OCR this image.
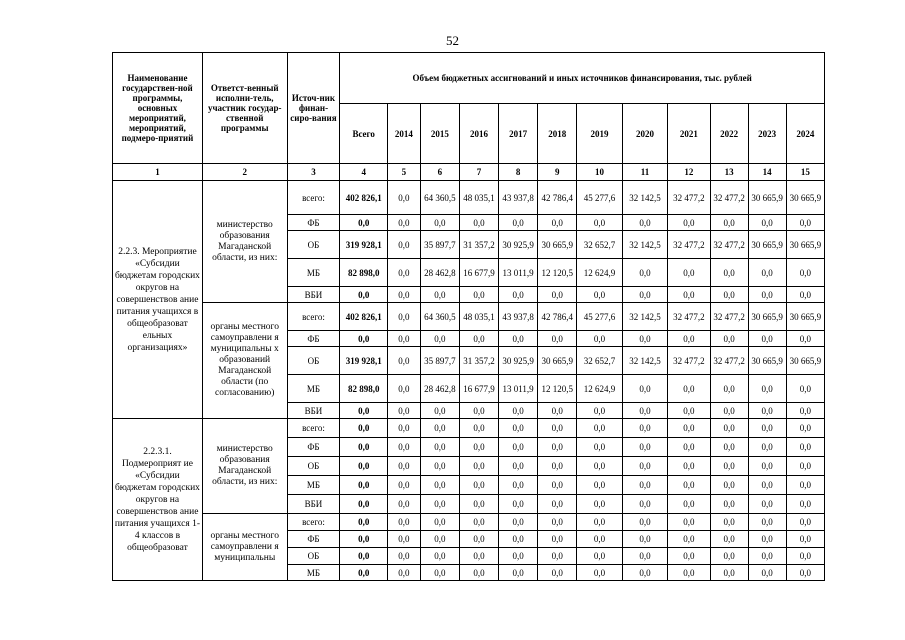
52
Наименование государствен-ной программы, основных мероприятий, мероприятий, подмеро-приятий	Ответст-венный исполни-тель, участник государ-ственной программы	Источ-ник финан-сиро-вания	Объем бюджетных ассигнований и иных источников финансирования, тыс. рублей											
			Всего	2014	2015	2016	2017	2018	2019	2020	2021	2022	2023	2024
1	2	3	4	5	6	7	8	9	10	11	12	13	14	15
2.2.3. Мероприятие «Субсидии бюджетам городских округов на совершенствов ание питания учащихся в общеобразоват ельных организациях»	министерство образования Магаданской области, из них:	всего:	402 826,1	0,0	64 360,5	48 035,1	43 937,8	42 786,4	45 277,6	32 142,5	32 477,2	32 477,2	30 665,9	30 665,9
		ФБ	0,0	0,0	0,0	0,0	0,0	0,0	0,0	0,0	0,0	0,0	0,0	0,0
		ОБ	319 928,1	0,0	35 897,7	31 357,2	30 925,9	30 665,9	32 652,7	32 142,5	32 477,2	32 477,2	30 665,9	30 665,9
		МБ	82 898,0	0,0	28 462,8	16 677,9	13 011,9	12 120,5	12 624,9	0,0	0,0	0,0	0,0	0,0
		ВБИ	0,0	0,0	0,0	0,0	0,0	0,0	0,0	0,0	0,0	0,0	0,0	0,0
	органы местного самоуправлени я муниципальны х образований Магаданской области (по согласованию)	всего:	402 826,1	0,0	64 360,5	48 035,1	43 937,8	42 786,4	45 277,6	32 142,5	32 477,2	32 477,2	30 665,9	30 665,9
		ФБ	0,0	0,0	0,0	0,0	0,0	0,0	0,0	0,0	0,0	0,0	0,0	0,0
		ОБ	319 928,1	0,0	35 897,7	31 357,2	30 925,9	30 665,9	32 652,7	32 142,5	32 477,2	32 477,2	30 665,9	30 665,9
		МБ	82 898,0	0,0	28 462,8	16 677,9	13 011,9	12 120,5	12 624,9	0,0	0,0	0,0	0,0	0,0
		ВБИ	0,0	0,0	0,0	0,0	0,0	0,0	0,0	0,0	0,0	0,0	0,0	0,0
2.2.3.1. Подмероприят ие «Субсидии бюджетам городских округов на совершенствов ание питания учащихся 1-4 классов в общеобразоват	министерство образования Магаданской области, из них:	всего:	0,0	0,0	0,0	0,0	0,0	0,0	0,0	0,0	0,0	0,0	0,0	0,0
		ФБ	0,0	0,0	0,0	0,0	0,0	0,0	0,0	0,0	0,0	0,0	0,0	0,0
		ОБ	0,0	0,0	0,0	0,0	0,0	0,0	0,0	0,0	0,0	0,0	0,0	0,0
		МБ	0,0	0,0	0,0	0,0	0,0	0,0	0,0	0,0	0,0	0,0	0,0	0,0
		ВБИ	0,0	0,0	0,0	0,0	0,0	0,0	0,0	0,0	0,0	0,0	0,0	0,0
	органы местного самоуправлени я муниципальны	всего:	0,0	0,0	0,0	0,0	0,0	0,0	0,0	0,0	0,0	0,0	0,0	0,0
		ФБ	0,0	0,0	0,0	0,0	0,0	0,0	0,0	0,0	0,0	0,0	0,0	0,0
		ОБ	0,0	0,0	0,0	0,0	0,0	0,0	0,0	0,0	0,0	0,0	0,0	0,0
		МБ	0,0	0,0	0,0	0,0	0,0	0,0	0,0	0,0	0,0	0,0	0,0	0,0
